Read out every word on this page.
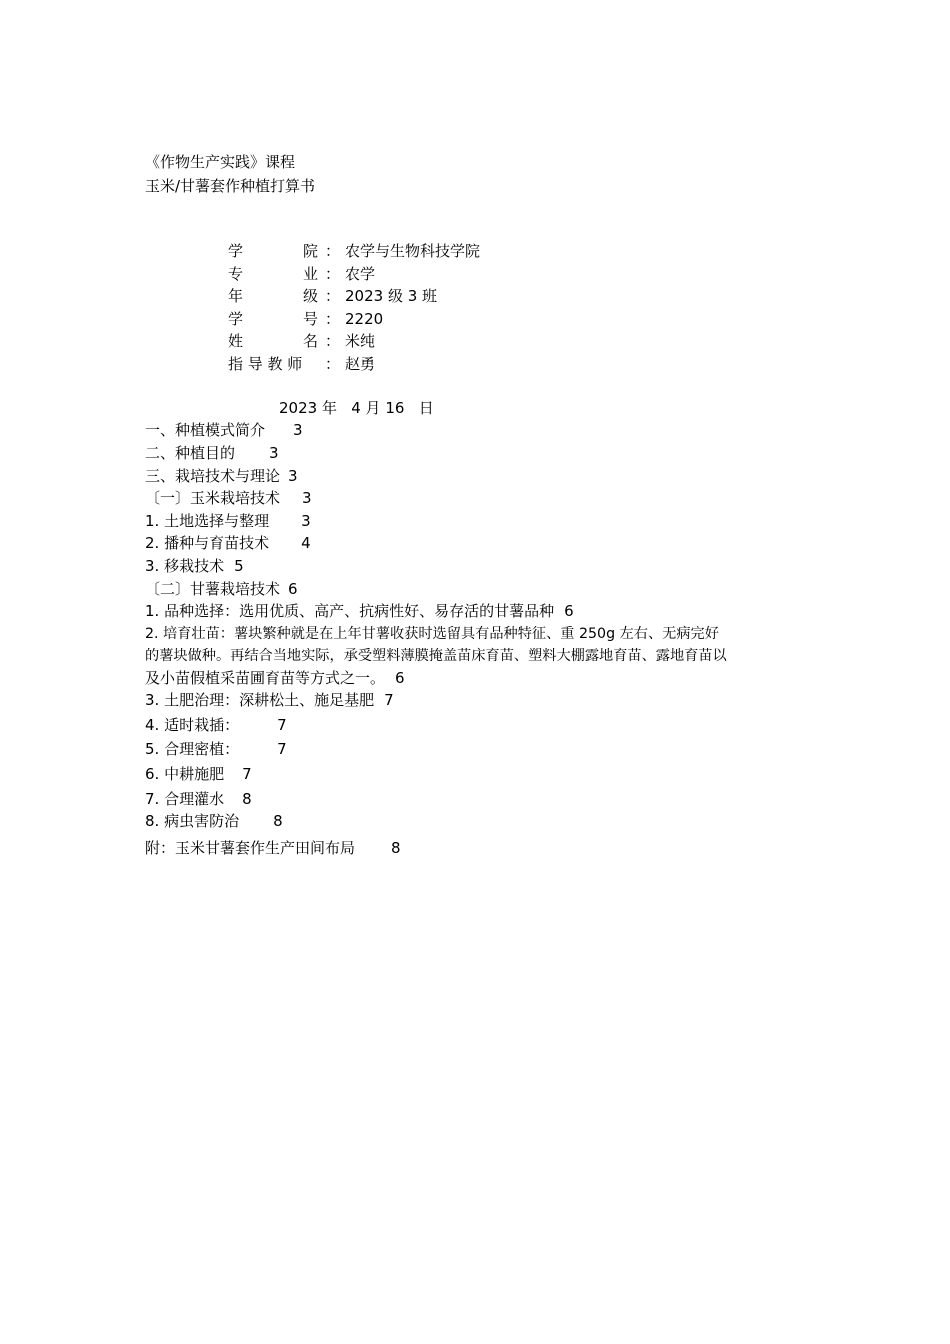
《作物生产实践》课程
玉米/甘薯套作种植打算书
学	院 ： 农学与生物科技学院
专	业 ： 农学
年	级 ： 2023 级 3 班
学	号 ： 2220
姓	名 ： 米纯
指 导 教 师 ： 赵勇
2023 年   4 月 16   日
一、种植模式简介 3
二、种植目的 3
三、栽培技术与理论 3
〔一〕玉米栽培技术 3
1. 土地选择与整理 3
2. 播种与育苗技术 4
3. 移栽技术 5
〔二〕甘薯栽培技术 6
1. 品种选择：选用优质、高产、抗病性好、易存活的甘薯品种 6
2. 培育壮苗：薯块繁种就是在上年甘薯收获时选留具有品种特征、重 250g 左右、无病完好
的薯块做种。再结合当地实际，承受塑料薄膜掩盖苗床育苗、塑料大棚露地育苗、露地育苗以
及小苗假植采苗圃育苗等方式之一。 6
3. 土肥治理：深耕松土、施足基肥 7
4. 适时栽插：	7
5. 合理密植：	7
6. 中耕施肥 7
7. 合理灌水 8
8. 病虫害防治 8
附：玉米甘薯套作生产田间布局 8
